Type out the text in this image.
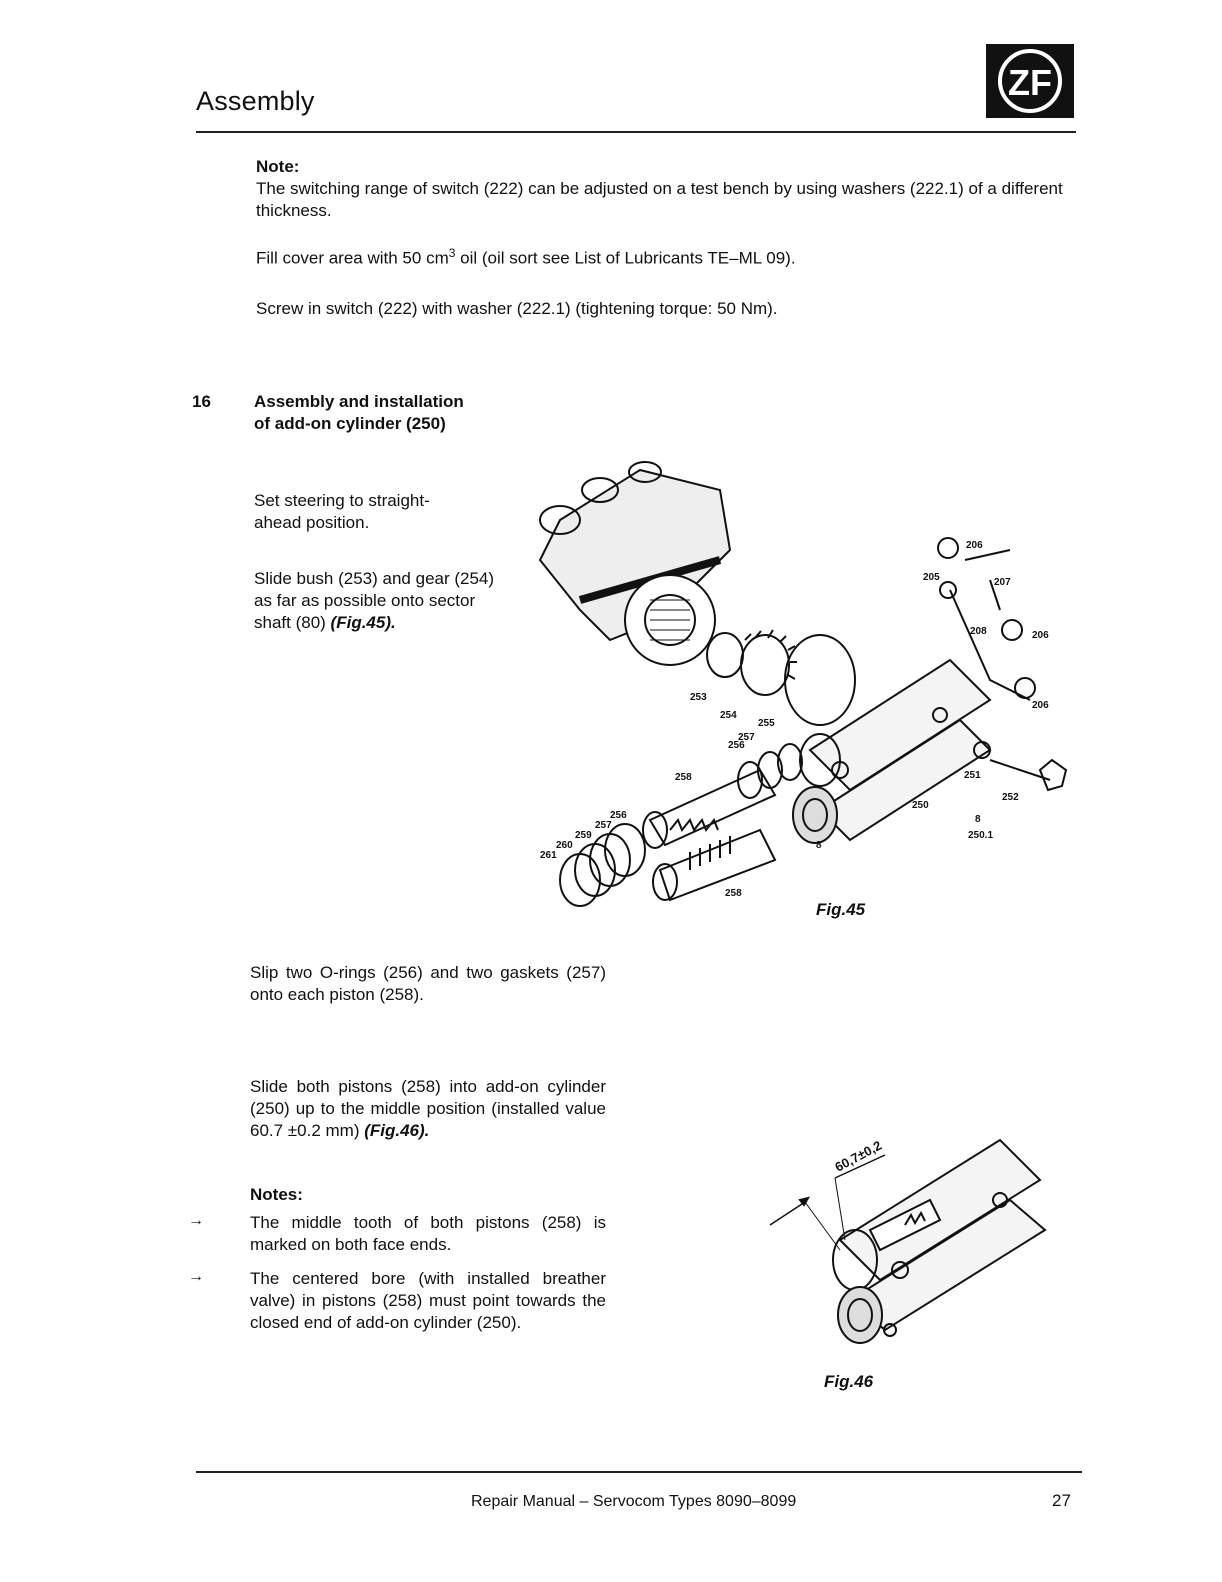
Assembly	ZF
Note:
The switching range of switch (222) can be adjusted on a test bench by using washers (222.1) of a different thickness.
Fill cover area with 50 $cm^3$ oil (oil sort see List of Lubricants TE–ML 09).
Screw in switch (222) with washer (222.1) (tightening torque: 50 Nm).
16	Assembly and installation
of add-on cylinder (250)
Set steering to straight-ahead position.
Slide bush (253) and gear (254) as far as possible onto sector shaft (80) (Fig.45).
206
205	207
208	206
206
253
254
255
257
256
258
256
257
259
260
261
258
250
251
252
8
250.1
8
Fig.45
Slip two O-rings (256) and two gaskets (257) onto each piston (258).
Slide both pistons (258) into add-on cylinder (250) up to the middle position (installed value 60.7 ±0.2 mm) (Fig.46).
Notes:
→	The middle tooth of both pistons (258) is marked on both face ends.
→	The centered bore (with installed breather valve) in pistons (258) must point towards the closed end of add-on cylinder (250).
60,7±0,2
Fig.46
Repair Manual – Servocom Types 8090–8099	27
